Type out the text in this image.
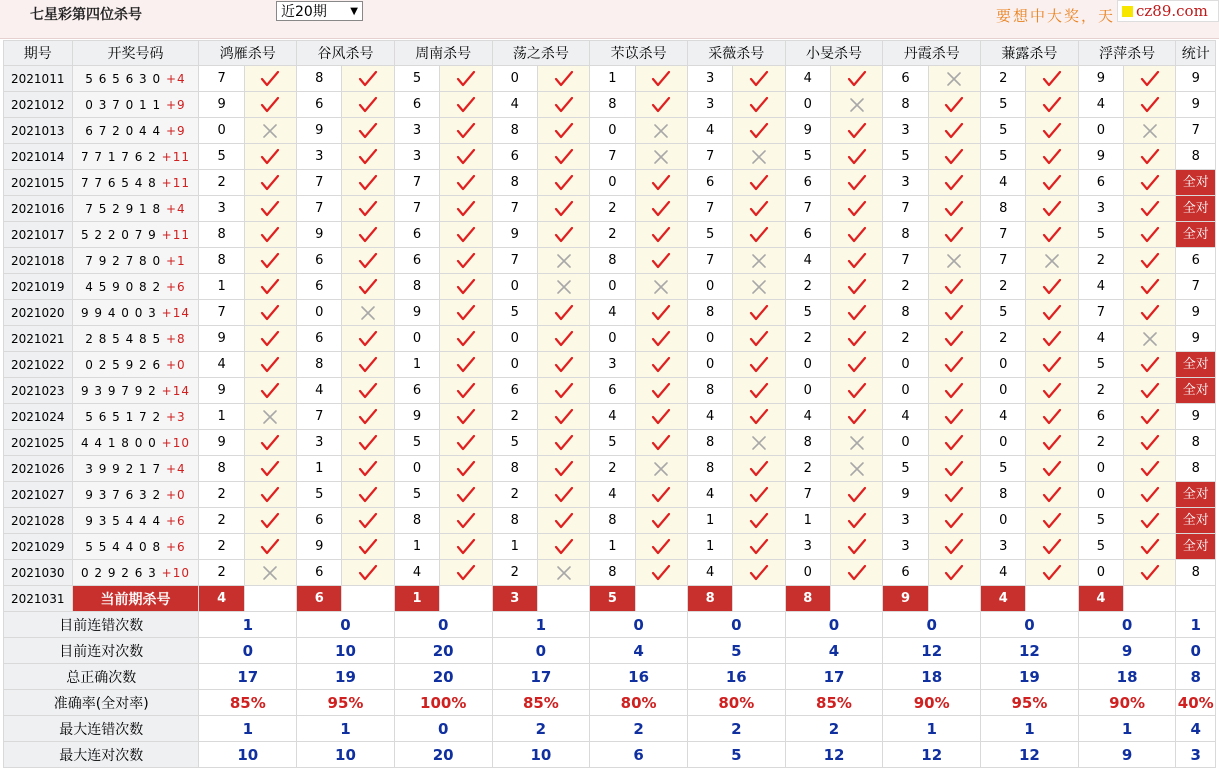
七星彩第四位杀号	近20期 ▼	要想中大奖，天	cz89.com
期号	开奖号码	鸿雁杀号		谷风杀号		周南杀号		荡之杀号		芣苡杀号		采薇杀号		小旻杀号		丹霞杀号		蒹露杀号		浮萍杀号		统计
2021011	5 6 5 6 3 0 +4	7		8		5		0		1		3		4		6		2		9		9
2021012	0 3 7 0 1 1 +9	9		6		6		4		8		3		0		8		5		4		9
2021013	6 7 2 0 4 4 +9	0		9		3		8		0		4		9		3		5		0		7
2021014	7 7 1 7 6 2 +11	5		3		3		6		7		7		5		5		5		9		8
2021015	7 7 6 5 4 8 +11	2		7		7		8		0		6		6		3		4		6		全对

2021016	7 5 2 9 1 8 +4	3		7		7		7		2		7		7		7		8		3		全对

2021017	5 2 2 0 7 9 +11	8		9		6		9		2		5		6		8		7		5		全对

2021018	7 9 2 7 8 0 +1	8		6		6		7		8		7		4		7		7		2		6
2021019	4 5 9 0 8 2 +6	1		6		8		0		0		0		2		2		2		4		7
2021020	9 9 4 0 0 3 +14	7		0		9		5		4		8		5		8		5		7		9
2021021	2 8 5 4 8 5 +8	9		6		0		0		0		0		2		2		2		4		9
2021022	0 2 5 9 2 6 +0	4		8		1		0		3		0		0		0		0		5		全对

2021023	9 3 9 7 9 2 +14	9		4		6		6		6		8		0		0		0		2		全对

2021024	5 6 5 1 7 2 +3	1		7		9		2		4		4		4		4		4		6		9
2021025	4 4 1 8 0 0 +10	9		3		5		5		5		8		8		0		0		2		8
2021026	3 9 9 2 1 7 +4	8		1		0		8		2		8		2		5		5		0		8
2021027	9 3 7 6 3 2 +0	2		5		5		2		4		4		7		9		8		0		全对

2021028	9 3 5 4 4 4 +6	2		6		8		8		8		1		1		3		0		5		全对

2021029	5 5 4 4 0 8 +6	2		9		1		1		1		1		3		3		3		5		全对

2021030	0 2 9 2 6 3 +10	2		6		4		2		8		4		0		6		4		0		8
2021031	当前期杀号	4		6		1		3		5		8		8		9		4		4		
目前连错次数		1		0		0		1		0		0		0		0		0		0		1
目前连对次数		0		10		20		0		4		5		4		12		12		9		0
总正确次数		17		19		20		17		16		16		17		18		19		18		8
准确率(全对率)		85%		95%		100%		85%		80%		80%		85%		90%		95%		90%		40%
最大连错次数		1		1		0		2		2		2		2		1		1		1		4
最大连对次数		10		10		20		10		6		5		12		12		12		9		3
